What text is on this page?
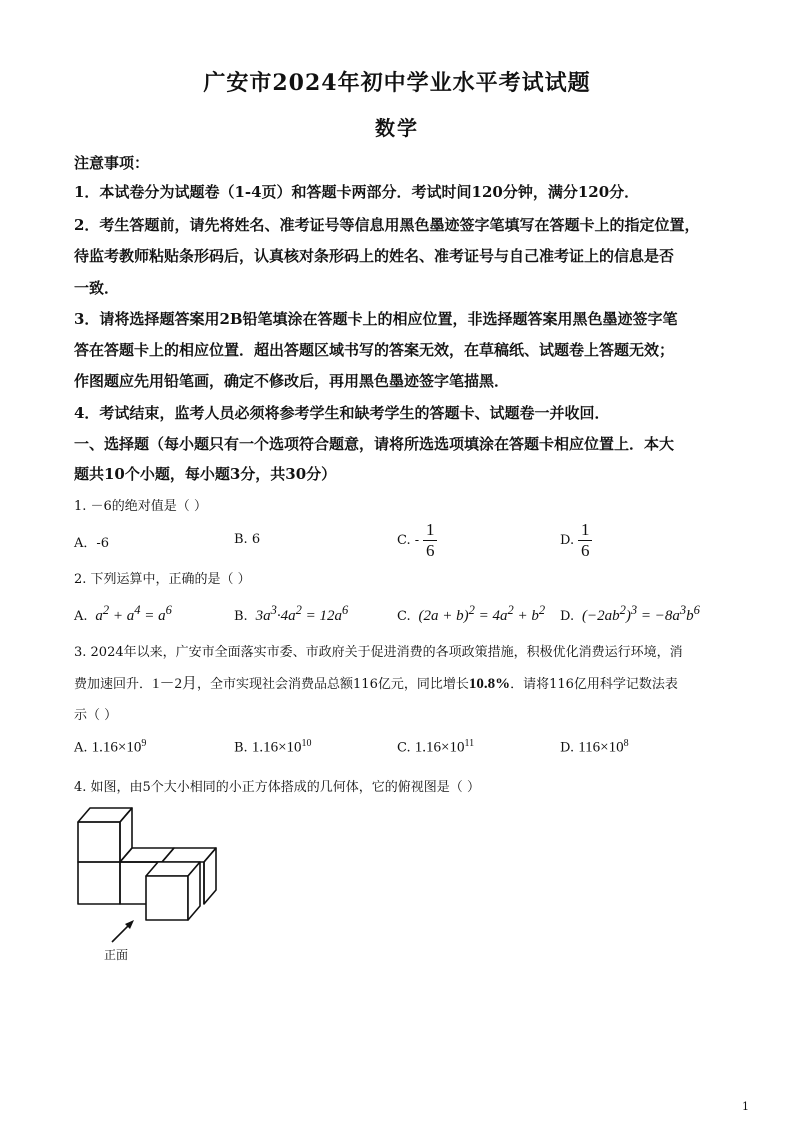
广安市2024年初中学业水平考试试题
数学
注意事项：
1．本试卷分为试题卷（1-4页）和答题卡两部分．考试时间120分钟，满分120分．
2．考生答题前，请先将姓名、准考证号等信息用黑色墨迹签字笔填写在答题卡上的指定位置，
待监考教师粘贴条形码后，认真核对条形码上的姓名、准考证号与自己准考证上的信息是否
一致．
3．请将选择题答案用2B铅笔填涂在答题卡上的相应位置，非选择题答案用黑色墨迹签字笔
答在答题卡上的相应位置．超出答题区域书写的答案无效，在草稿纸、试题卷上答题无效；
作图题应先用铅笔画，确定不修改后，再用黑色墨迹签字笔描黑．
4．考试结束，监考人员必须将参考学生和缺考学生的答题卡、试题卷一并收回．
一、选择题（每小题只有一个选项符合题意，请将所选选项填涂在答题卡相应位置上．本大
题共10个小题，每小题3分，共30分）
1. －6的绝对值是（ ）
A．-6	B. 6	C. - $\frac{1}{6}$	D. $\frac{1}{6}$
2. 下列运算中，正确的是（ ）
A.  $a^2 + a^4 = a^6$	B.  $3a^3\cdot 4a^2 = 12a^6$	C.  $(2a + b)^2 = 4a^2 + b^2$ D.  $(-2ab^2)^3 = -8a^3b^6$
3. 2024年以来，广安市全面落实市委、市政府关于促进消费的各项政策措施，积极优化消费运行环境，消
费加速回升．1－2月，全市实现社会消费品总额116亿元，同比增长10.8%．请将116亿用科学记数法表
示（ ）
A. $1.16\times 10^9$	B. $1.16\times 10^{10}$	C. $1.16\times 10^{11}$	D. $116\times 10^8$
4. 如图，由5个大小相同的小正方体搭成的几何体，它的俯视图是（ ）
正面
1
